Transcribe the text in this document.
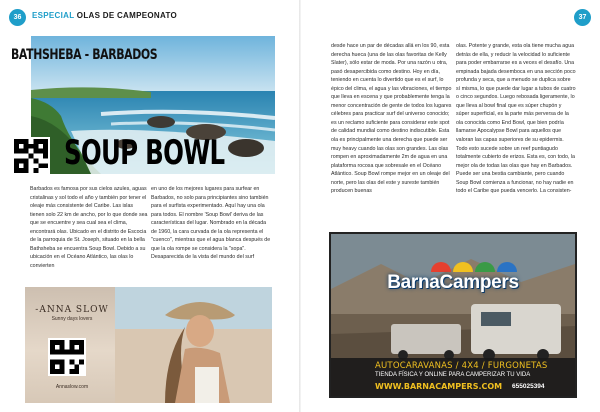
36	ESPECIAL OLAS DE CAMPEONATO	37
BATHSHEBA - BARBADOS
SOUP BOWL

Barbados es famosa por sus cielos azules, aguas cristalinas y sol todo el año y también por tener el oleaje más consistente del Caribe. Las islas tienen solo 22 km de ancho, por lo que donde sea que se encuentre y sea cual sea el clima, encontrará olas. Ubicado en el distrito de Escocia de la parroquia de St. Joseph, situado en la bella Bathsheba se encuentra Soup Bowl. Debido a su ubicación en el Océano Atlántico, las olas lo convierten

en uno de los mejores lugares para surfear en Barbados, no solo para principiantes sino también para el surfista experimentado. Aquí hay una ola para todos. El nombre 'Soup Bowl' deriva de las características del lugar. Nombrado en la década de 1960, la cara curvada de la ola representa el "cuenco", mientras que el agua blanca después de que la ola rompe se considera la "sopa". Desaparecida de la vista del mundo del surf

desde hace un par de décadas allá en los 90, esta derecha hueca (una de las olas favoritas de Kelly Slater), sólo estar de moda. Por una razón u otra, pasó desapercibida como destino. Hoy en día, teniendo en cuenta lo divertido que es el surf, lo épico del clima, el agua y las vibraciones, el tiempo que lleva en escena y que probablemente tenga la menor concentración de gente de todos los lugares célebres para practicar surf del universo conocido; es un reclamo suficiente para considerar este spot de calidad mundial como destino indiscutible. Esta ola es principalmente una derecha que puede ser muy heavy cuando las olas son grandes. Las olas rompen en aproximadamente 2m de agua en una plataforma rocosa que sobresale en el Océano Atlántico. Soup Bowl rompe mejor en un oleaje del norte, pero las olas del este y sureste también producen buenas

olas. Potente y grande, esta ola tiene mucha agua detrás de ella, y reducir la velocidad lo suficiente para poder embarrarse es a veces el desafío. Una empinada bajada desemboca en una sección poco profunda y seca, que a menudo se duplica sobre sí misma, lo que puede dar lugar a tubos de cuatro o cinco segundos. Luego rebosada ligeramente, lo que lleva al bowl final que es súper chupón y súper superficial, es la parte más perversa de la ola conocida como End Bowl, que bien podría llamarse Apocalypse Bowl para aquellos que valoran las capas superiores de su epidermis. Todo esto sucede sobre un reef puntiagudo totalmente cubierto de erizos. Esta es, con todo, la mejor ola de todas las olas que hay en Barbados. Puede ser una bestia cambiante, pero cuando Soup Bowl comienza a funcionar, no hay nadie en todo el Caribe que pueda vencerlo. La consisten-

-ANNA SLOW
Sunny days lovers
Annaslow.com
BarnaCampers
AUTOCARAVANAS / 4X4 / FURGONETAS
TIENDA FÍSICA Y ONLINE PARA CAMPERIZAR TU VIDA
WWW.BARNACAMPERS.COM 655025394
